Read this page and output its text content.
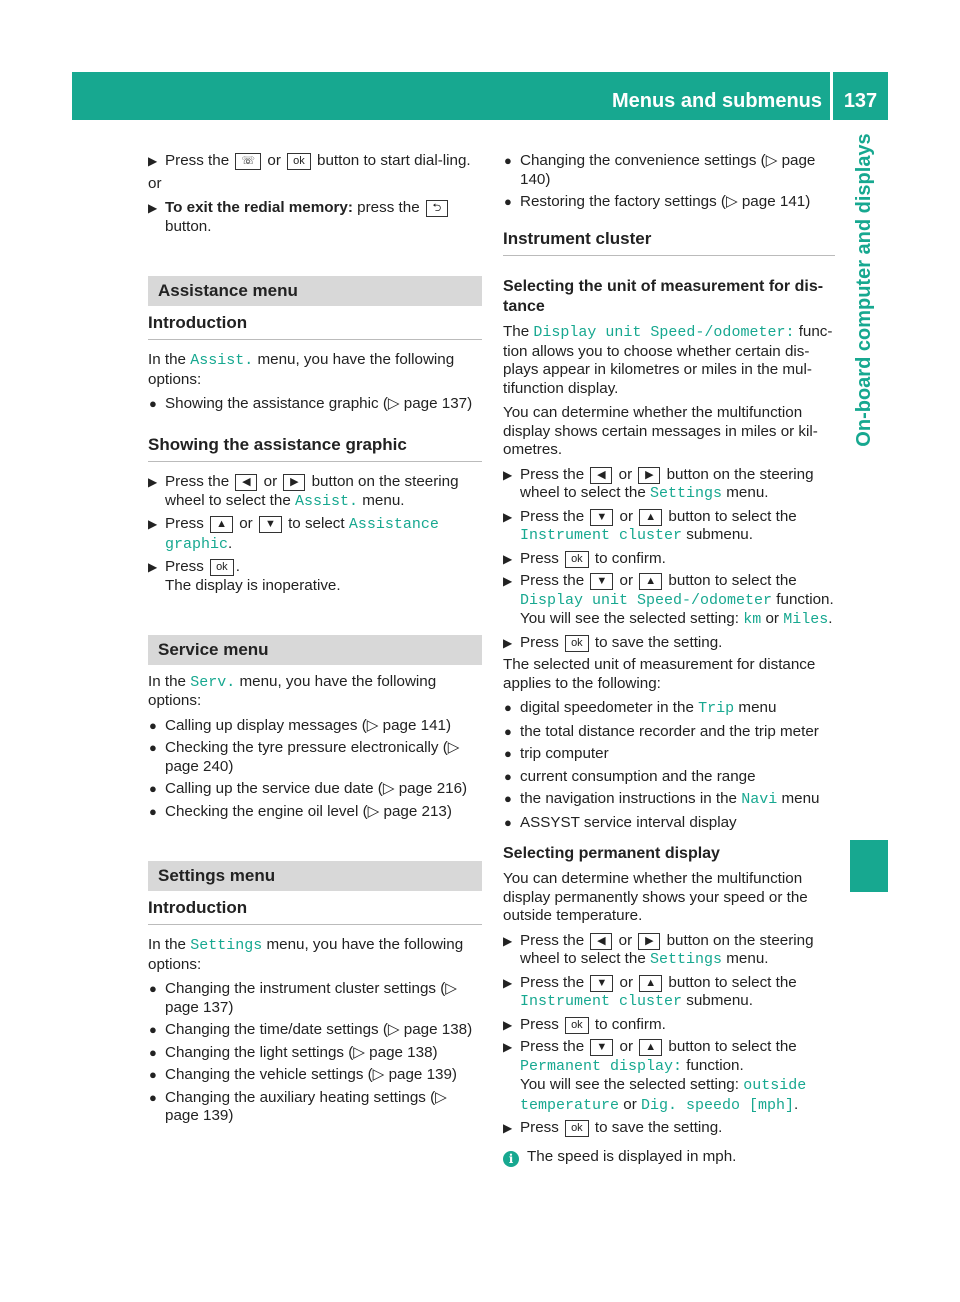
Menus and submenus	137
On-board computer and displays
▶ Press the ☏ or ok button to start dial-ling.

or

▶ To exit the redial memory: press the ⮌ button.
Assistance menu
Introduction

In the Assist. menu, you have the following options:

● Showing the assistance graphic (▷ page 137)
Showing the assistance graphic
▶ Press the ◀ or ▶ button on the steering wheel to select the Assist. menu.
▶ Press ▲ or ▼ to select Assistance graphic.
▶ Press ok .
The display is inoperative.
Service menu

In the Serv. menu, you have the following options:

● Calling up display messages (▷ page 141)
● Checking the tyre pressure electronically (▷ page 240)
● Calling up the service due date (▷ page 216)
● Checking the engine oil level (▷ page 213)
Settings menu
Introduction

In the Settings menu, you have the following options:

● Changing the instrument cluster settings (▷ page 137)
● Changing the time/date settings (▷ page 138)
● Changing the light settings (▷ page 138)
● Changing the vehicle settings (▷ page 139)
● Changing the auxiliary heating settings (▷ page 139)
● Changing the convenience settings (▷ page 140)
● Restoring the factory settings (▷ page 141)
Instrument cluster
Selecting the unit of measurement for dis-tance

The Display unit Speed-/odometer: func-tion allows you to choose whether certain dis-plays appear in kilometres or miles in the mul-tifunction display.

You can determine whether the multifunction display shows certain messages in miles or kil-ometres.

▶ Press the ◀ or ▶ button on the steering wheel to select the Settings menu.
▶ Press the ▼ or ▲ button to select the Instrument cluster submenu.
▶ Press ok to confirm.
▶ Press the ▼ or ▲ button to select the Display unit Speed-/odometer function.
You will see the selected setting: km or Miles.
▶ Press ok to save the setting.

The selected unit of measurement for distance applies to the following:

● digital speedometer in the Trip menu
● the total distance recorder and the trip meter
● trip computer
● current consumption and the range
● the navigation instructions in the Navi menu
● ASSYST service interval display
Selecting permanent display

You can determine whether the multifunction display permanently shows your speed or the outside temperature.

▶ Press the ◀ or ▶ button on the steering wheel to select the Settings menu.
▶ Press the ▼ or ▲ button to select the Instrument cluster submenu.
▶ Press ok to confirm.
▶ Press the ▼ or ▲ button to select the Permanent display: function.
You will see the selected setting: outside temperature or Dig. speedo [mph].
▶ Press ok to save the setting.

i The speed is displayed in mph.
